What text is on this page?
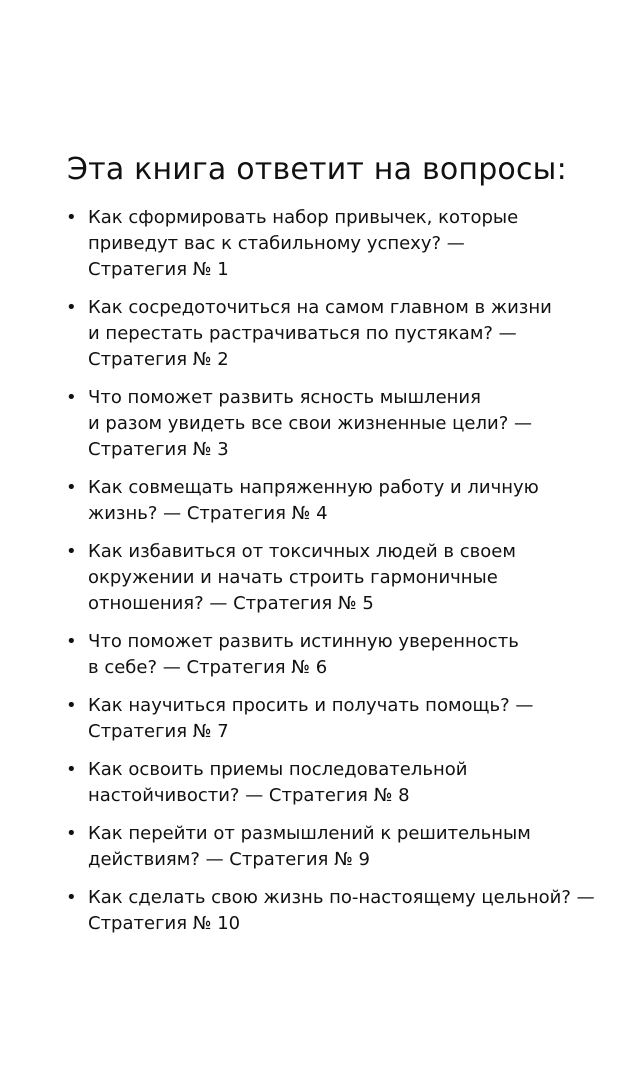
Эта книга ответит на вопросы:
• Как сформировать набор привычек, которые
приведут вас к стабильному успеху? —
Стратегия № 1
• Как сосредоточиться на самом главном в жизни
и перестать растрачиваться по пустякам? —
Стратегия № 2
• Что поможет развить ясность мышления
и разом увидеть все свои жизненные цели? —
Стратегия № 3
• Как совмещать напряженную работу и личную
жизнь? — Стратегия № 4
• Как избавиться от токсичных людей в своем
окружении и начать строить гармоничные
отношения? — Стратегия № 5
• Что поможет развить истинную уверенность
в себе? — Стратегия № 6
• Как научиться просить и получать помощь? —
Стратегия № 7
• Как освоить приемы последовательной
настойчивости? — Стратегия № 8
• Как перейти от размышлений к решительным
действиям? — Стратегия № 9
• Как сделать свою жизнь по-настоящему цельной? —
Стратегия № 10
